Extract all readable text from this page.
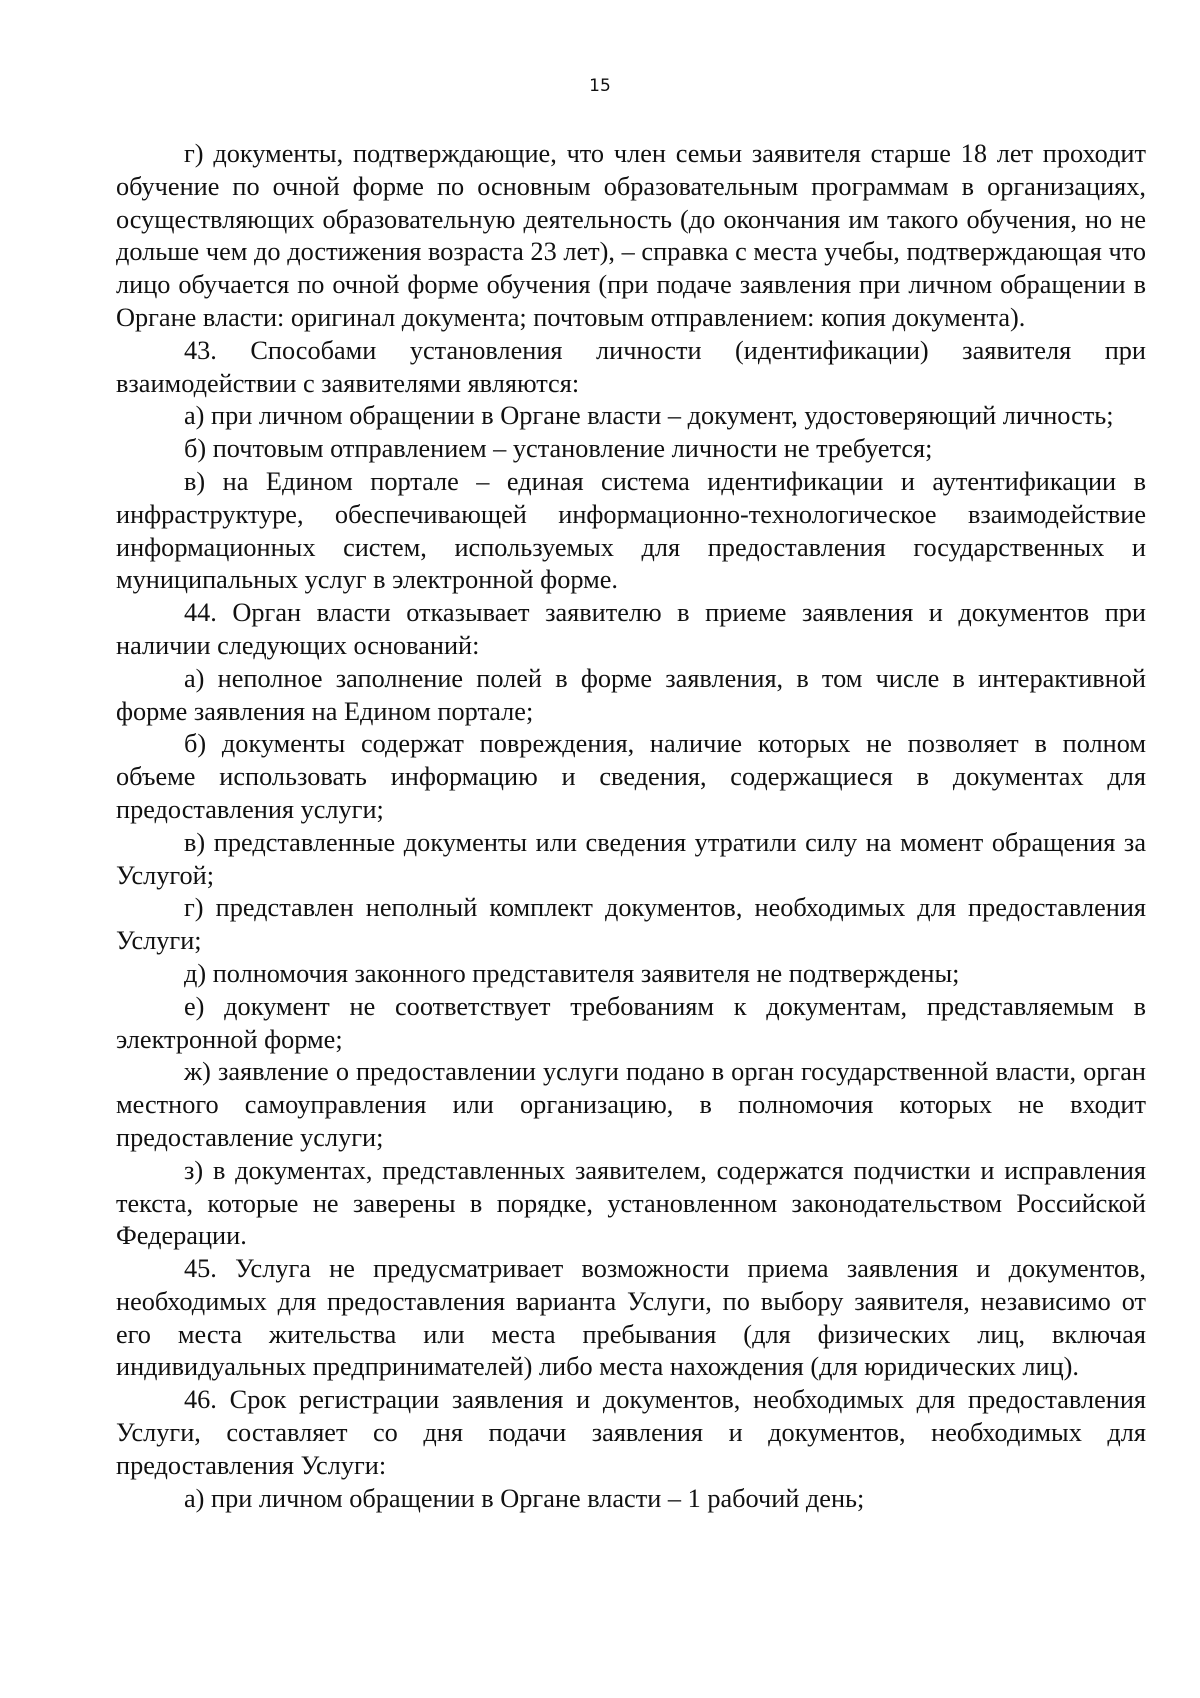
15

г) документы, подтверждающие, что член семьи заявителя старше 18 лет проходит обучение по очной форме по основным образовательным программам в организациях, осуществляющих образовательную деятельность (до окончания им такого обучения, но не дольше чем до достижения возраста 23 лет), – справка с места учебы, подтверждающая что лицо обучается по очной форме обучения (при подаче заявления при личном обращении в Органе власти: оригинал документа; почтовым отправлением: копия документа).

43. Способами установления личности (идентификации) заявителя при взаимодействии с заявителями являются:

а) при личном обращении в Органе власти – документ, удостоверяющий личность;

б) почтовым отправлением – установление личности не требуется;

в) на Едином портале – единая система идентификации и аутентификации в инфраструктуре, обеспечивающей информационно-технологическое взаимодействие информационных систем, используемых для предоставления государственных и муниципальных услуг в электронной форме.

44. Орган власти отказывает заявителю в приеме заявления и документов при наличии следующих оснований:

а) неполное заполнение полей в форме заявления, в том числе в интерактивной форме заявления на Едином портале;

б) документы содержат повреждения, наличие которых не позволяет в полном объеме использовать информацию и сведения, содержащиеся в документах для предоставления услуги;

в) представленные документы или сведения утратили силу на момент обращения за Услугой;

г) представлен неполный комплект документов, необходимых для предоставления Услуги;

д) полномочия законного представителя заявителя не подтверждены;

е) документ не соответствует требованиям к документам, представляемым в электронной форме;

ж) заявление о предоставлении услуги подано в орган государственной власти, орган местного самоуправления или организацию, в полномочия которых не входит предоставление услуги;

з) в документах, представленных заявителем, содержатся подчистки и исправления текста, которые не заверены в порядке, установленном законодательством Российской Федерации.

45. Услуга не предусматривает возможности приема заявления и документов, необходимых для предоставления варианта Услуги, по выбору заявителя, независимо от его места жительства или места пребывания (для физических лиц, включая индивидуальных предпринимателей) либо места нахождения (для юридических лиц).

46. Срок регистрации заявления и документов, необходимых для предоставления Услуги, составляет со дня подачи заявления и документов, необходимых для предоставления Услуги:

а) при личном обращении в Органе власти – 1 рабочий день;
